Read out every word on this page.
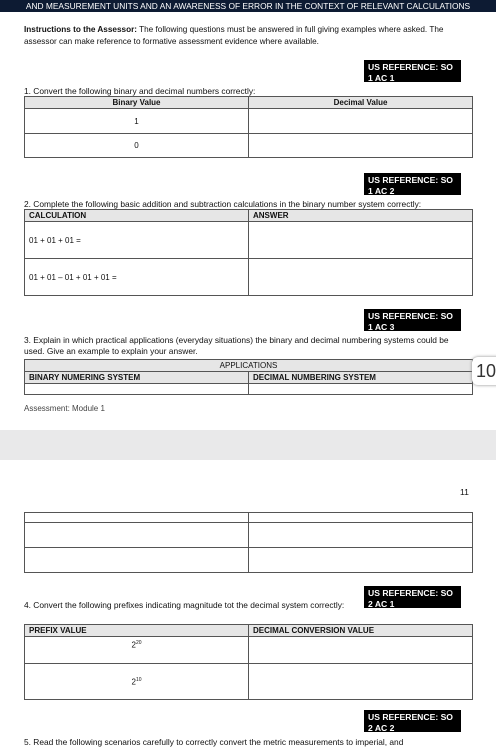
AND MEASUREMENT UNITS AND AN AWARENESS OF ERROR IN THE CONTEXT OF RELEVANT CALCULATIONS
Instructions to the Assessor: The following questions must be answered in full giving examples where asked. The assessor can make reference to formative assessment evidence where available.
US REFERENCE: SO 1 AC 1
1. Convert the following binary and decimal numbers correctly:
Binary Value	Decimal Value
1	
0	
US REFERENCE: SO 1 AC 2
2. Complete the following basic addition and subtraction calculations in the binary number system correctly:
CALCULATION	ANSWER
01 + 01 + 01 =	
01 + 01 – 01 + 01 + 01 =	
US REFERENCE: SO 1 AC 3
3. Explain in which practical applications (everyday situations) the binary and decimal numbering systems could be used. Give an example to explain your answer.
APPLICATIONS	
BINARY NUMERING SYSTEM	DECIMAL NUMBERING SYSTEM

Assessment: Module 1
10
11

US REFERENCE: SO 2 AC 1
4. Convert the following prefixes indicating magnitude tot the decimal system correctly:
PREFIX VALUE	DECIMAL CONVERSION VALUE
$2^{20}$	
$2^{10}$	
US REFERENCE: SO 2 AC 2
5. Read the following scenarios carefully to correctly convert the metric measurements to imperial, and
